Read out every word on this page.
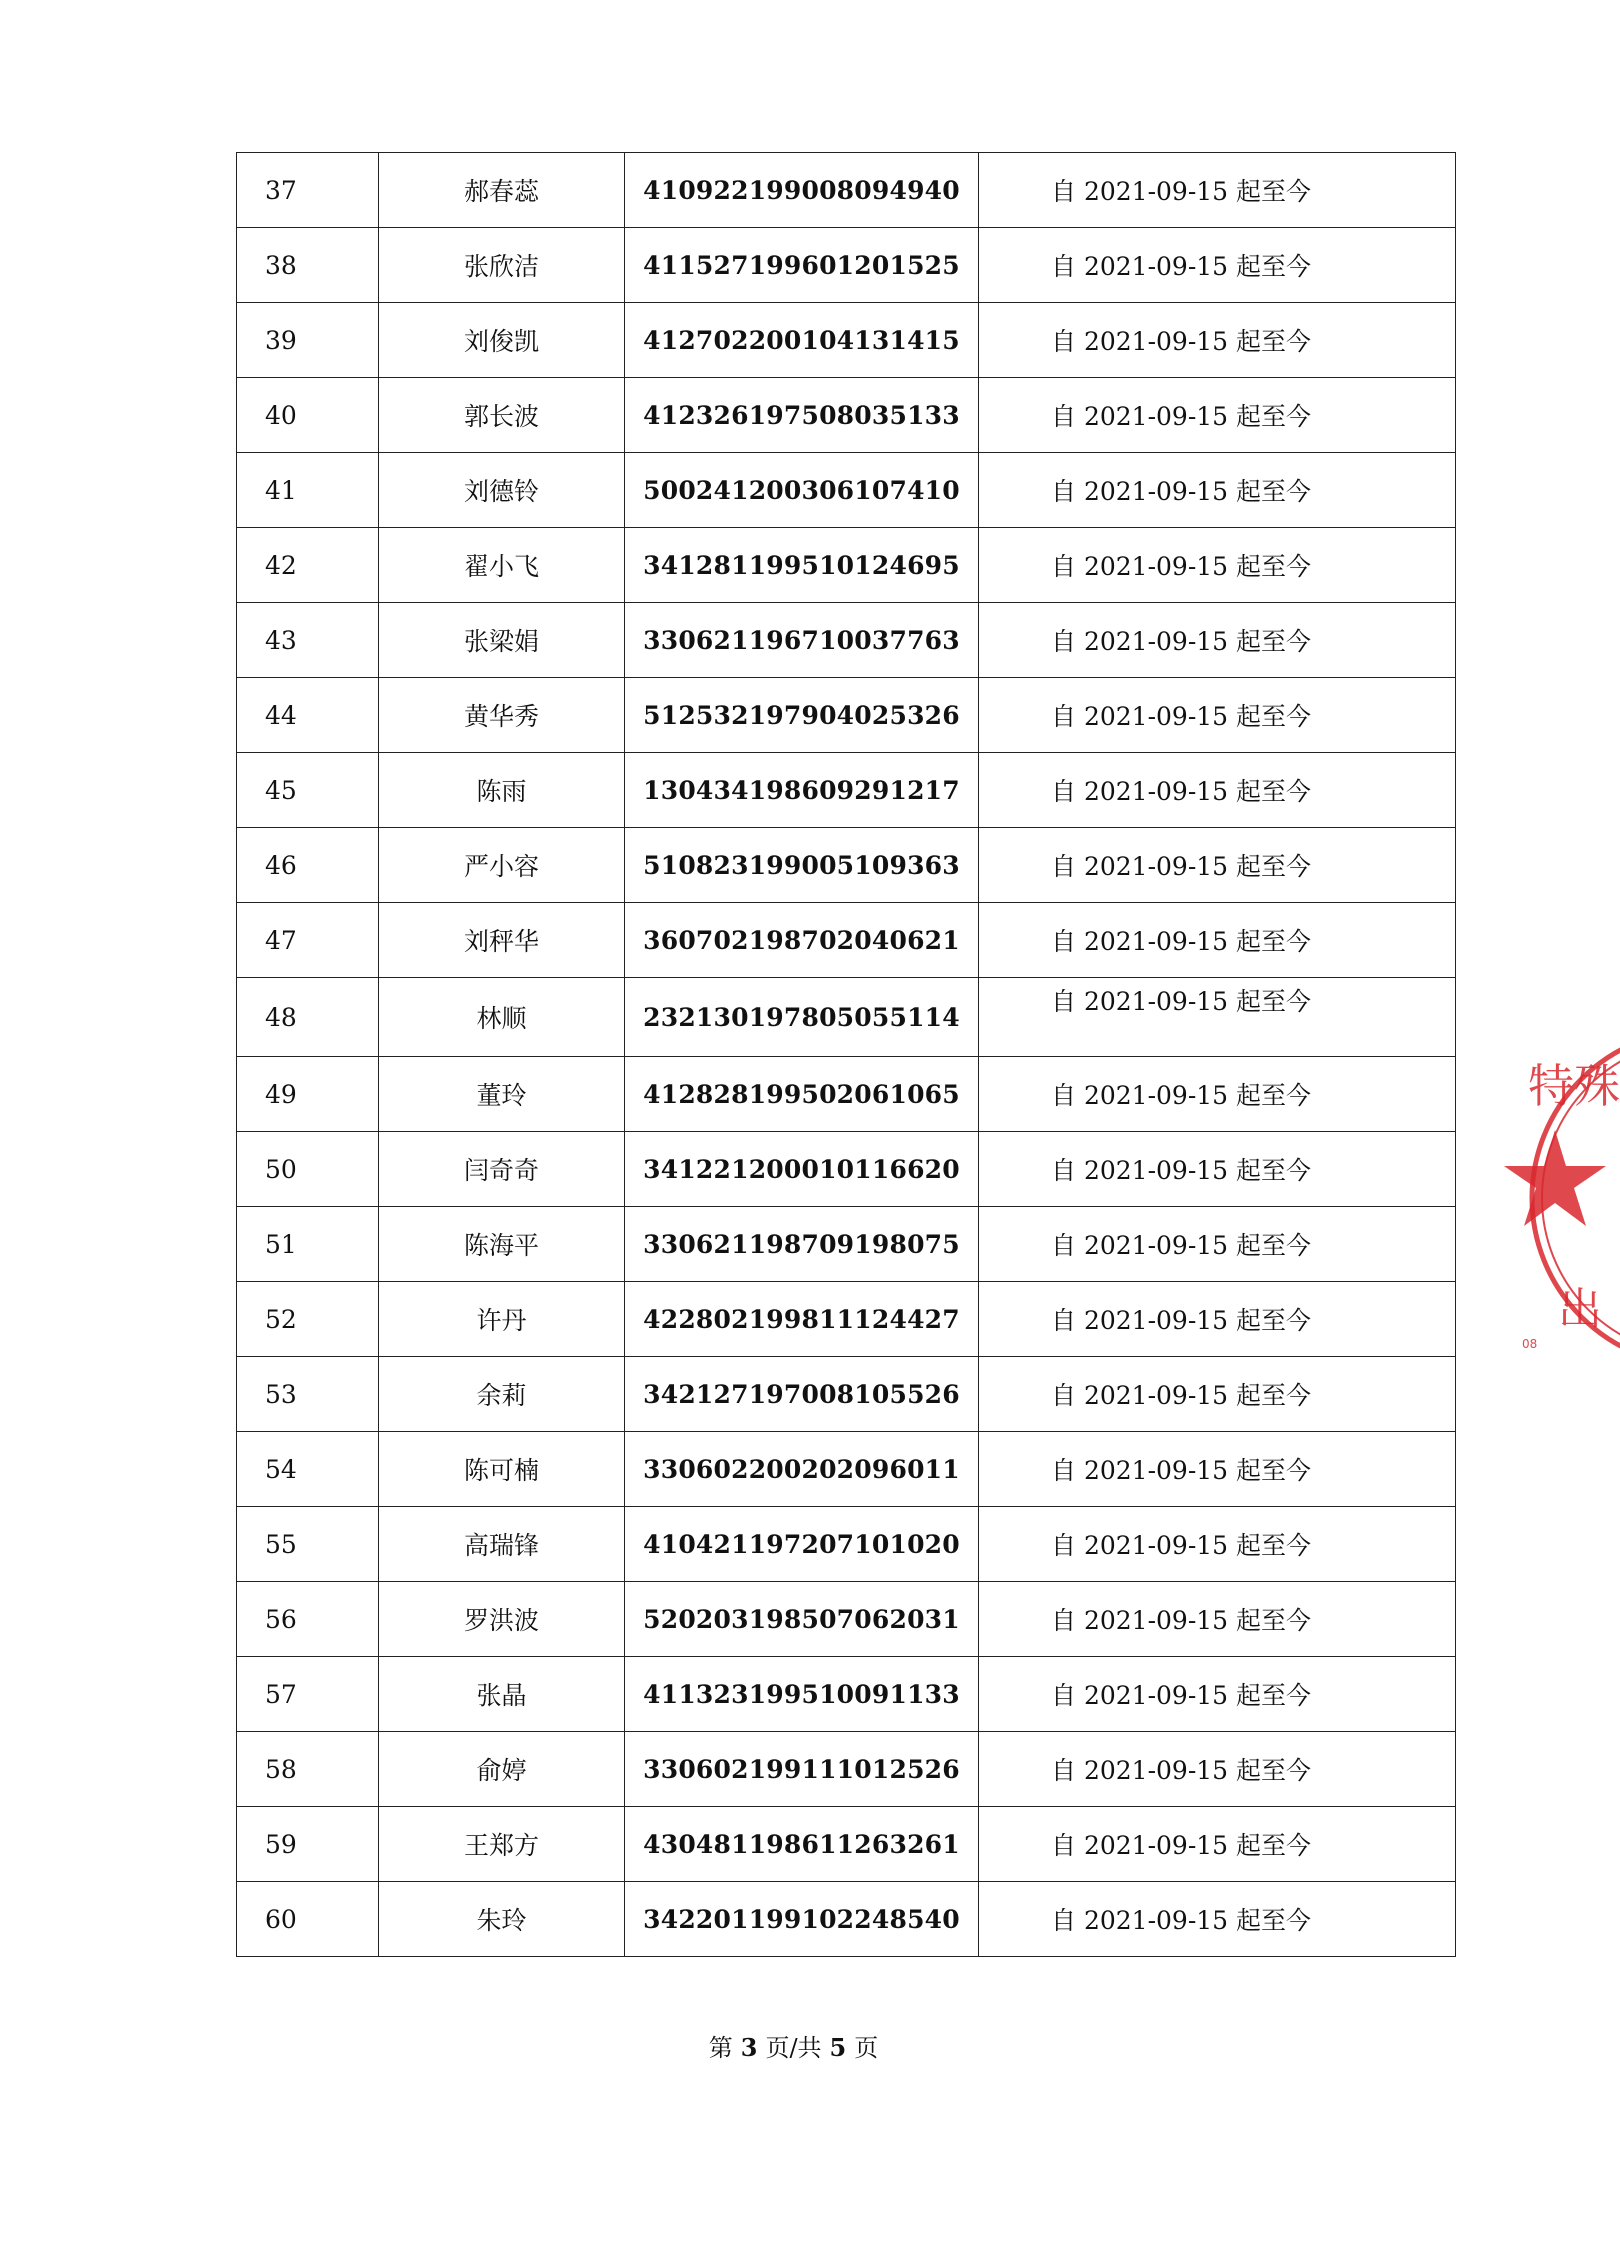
37	郝春蕊	410922199008094940	自 2021-09-15 起至今
38	张欣洁	411527199601201525	自 2021-09-15 起至今
39	刘俊凯	412702200104131415	自 2021-09-15 起至今
40	郭长波	412326197508035133	自 2021-09-15 起至今
41	刘德铃	500241200306107410	自 2021-09-15 起至今
42	翟小飞	341281199510124695	自 2021-09-15 起至今
43	张梁娟	330621196710037763	自 2021-09-15 起至今
44	黄华秀	512532197904025326	自 2021-09-15 起至今
45	陈雨	130434198609291217	自 2021-09-15 起至今
46	严小容	510823199005109363	自 2021-09-15 起至今
47	刘秤华	360702198702040621	自 2021-09-15 起至今
48	林顺	232130197805055114	自 2021-09-15 起至今
49	董玲	412828199502061065	自 2021-09-15 起至今
50	闫奇奇	341221200010116620	自 2021-09-15 起至今
51	陈海平	330621198709198075	自 2021-09-15 起至今
52	许丹	422802199811124427	自 2021-09-15 起至今
53	余莉	342127197008105526	自 2021-09-15 起至今
54	陈可楠	330602200202096011	自 2021-09-15 起至今
55	高瑞锋	410421197207101020	自 2021-09-15 起至今
56	罗洪波	520203198507062031	自 2021-09-15 起至今
57	张晶	411323199510091133	自 2021-09-15 起至今
58	俞婷	330602199111012526	自 2021-09-15 起至今
59	王郑方	430481198611263261	自 2021-09-15 起至今
60	朱玲	342201199102248540	自 2021-09-15 起至今
第 3 页/共 5 页
特殊
出
08
